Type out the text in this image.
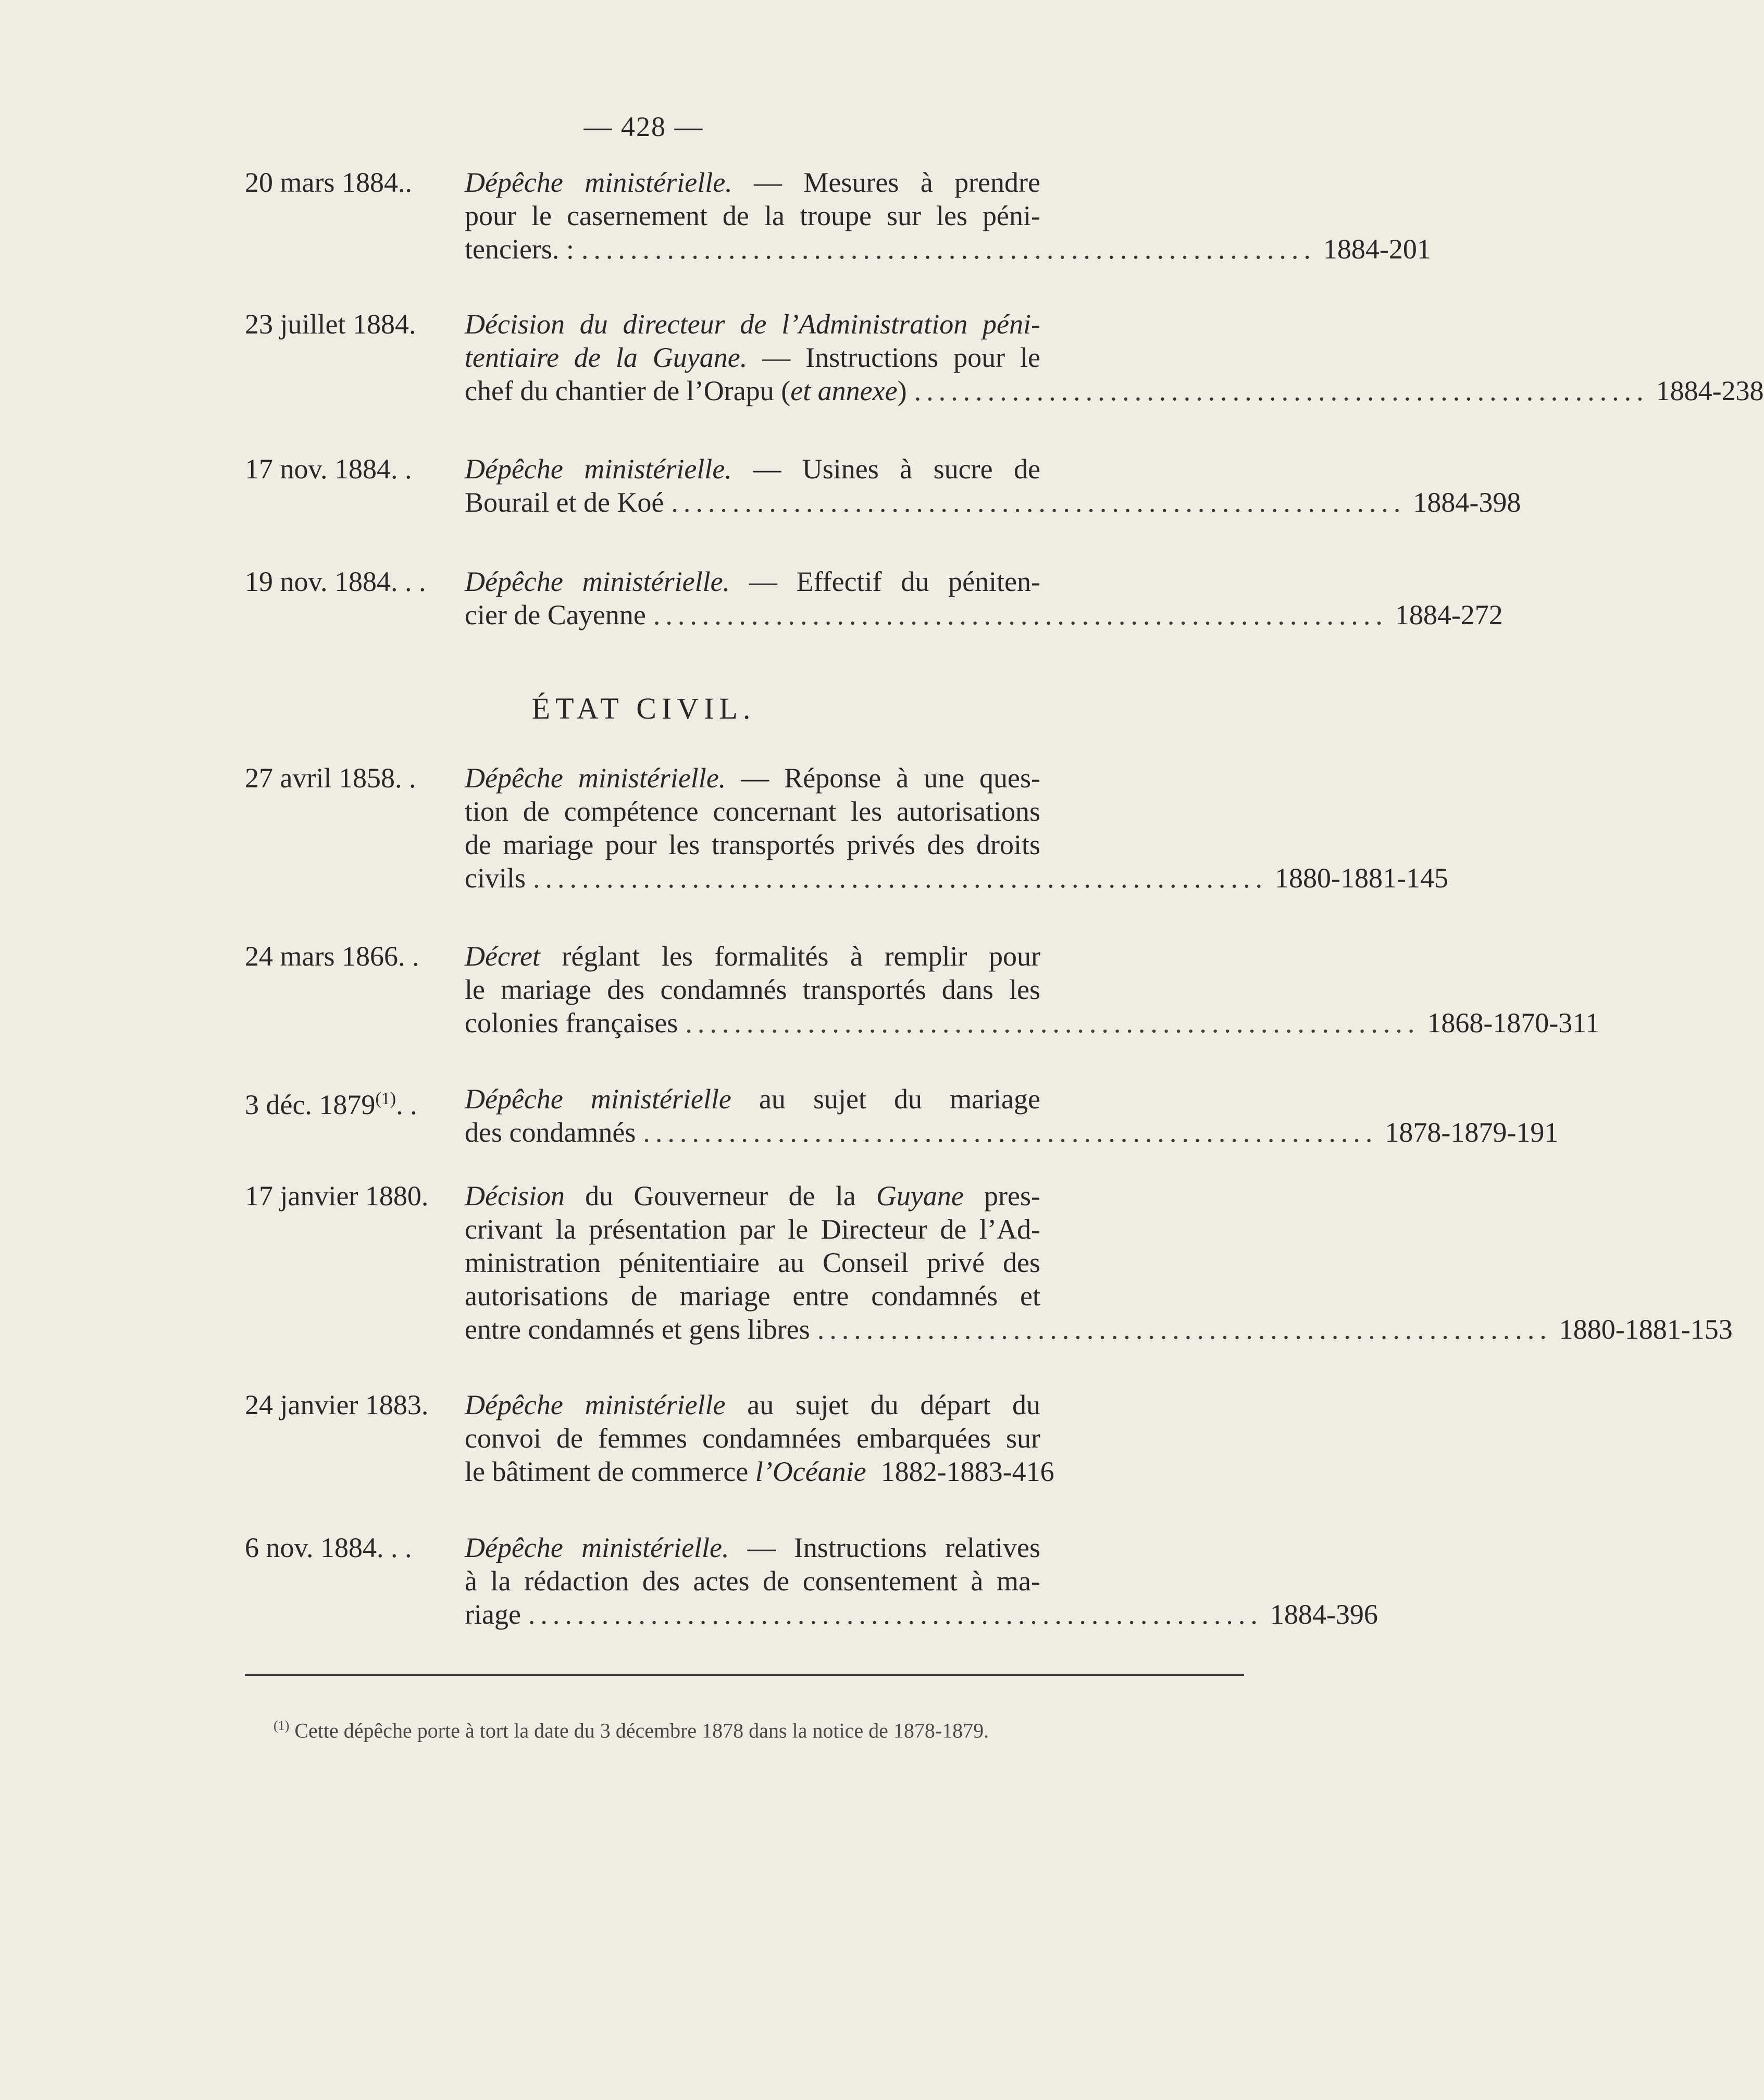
— 428 —
20 mars 1884..	Dépêche ministérielle. — Mesures à prendre
pour le casernement de la troupe sur les péni-
tenciers. : ............................................................ 1884-201
23 juillet 1884.	Décision du directeur de l’Administration péni-
tentiaire de la Guyane. — Instructions pour le
chef du chantier de l’Orapu (et annexe) ............................................................ 1884-238
17 nov. 1884. .	Dépêche ministérielle. — Usines à sucre de
Bourail et de Koé ............................................................ 1884-398
19 nov. 1884. . .	Dépêche ministérielle. — Effectif du péniten-
cier de Cayenne ............................................................ 1884-272
ÉTAT CIVIL.
27 avril 1858. .	Dépêche ministérielle. — Réponse à une ques-
tion de compétence concernant les autorisations
de mariage pour les transportés privés des droits
civils ............................................................ 1880-1881-145
24 mars 1866. .	Décret réglant les formalités à remplir pour
le mariage des condamnés transportés dans les
colonies françaises ............................................................ 1868-1870-311
3 déc. 1879$^{(1)}$. .	Dépêche ministérielle au sujet du mariage
des condamnés ............................................................ 1878-1879-191
17 janvier 1880.	Décision du Gouverneur de la Guyane pres-
crivant la présentation par le Directeur de l’Ad-
ministration pénitentiaire au Conseil privé des
autorisations de mariage entre condamnés et
entre condamnés et gens libres ............................................................ 1880-1881-153
24 janvier 1883.	Dépêche ministérielle au sujet du départ du
convoi de femmes condamnées embarquées sur
le bâtiment de commerce l’Océanie 1882-1883-416
6 nov. 1884. . .	Dépêche ministérielle. — Instructions relatives
à la rédaction des actes de consentement à ma-
riage ............................................................ 1884-396
$^{(1)}$ Cette dépêche porte à tort la date du 3 décembre 1878 dans la notice de 1878-1879.
